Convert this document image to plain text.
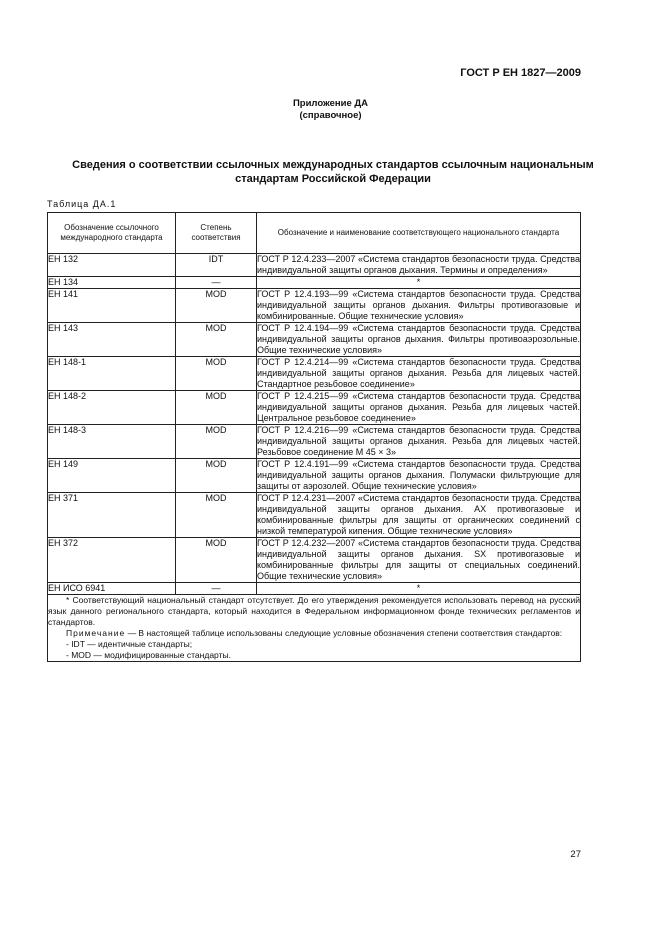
ГОСТ Р ЕН 1827—2009
Приложение ДА
(справочное)
Сведения о соответствии ссылочных международных стандартов ссылочным национальным
стандартам Российской Федерации
Таблица ДА.1
Обозначение ссылочного международного стандарта	Степень соответствия	Обозначение и наименование соответствующего национального стандарта
ЕН 132	IDT	ГОСТ Р 12.4.233—2007 «Система стандартов безопасности труда. Средства индивидуальной защиты органов дыхания. Термины и определения»
ЕН 134	—	*
ЕН 141	MOD	ГОСТ Р 12.4.193—99 «Система стандартов безопасности труда. Средства индивидуальной защиты органов дыхания. Фильтры противогазовые и комбинированные. Общие технические условия»
ЕН 143	MOD	ГОСТ Р 12.4.194—99 «Система стандартов безопасности труда. Средства индивидуальной защиты органов дыхания. Фильтры противоаэрозольные. Общие технические условия»
ЕН 148-1	MOD	ГОСТ Р 12.4.214—99 «Система стандартов безопасности труда. Средства индивидуальной защиты органов дыхания. Резьба для лицевых частей. Стандартное резьбовое соединение»
ЕН 148-2	MOD	ГОСТ Р 12.4.215—99 «Система стандартов безопасности труда. Средства индивидуальной защиты органов дыхания. Резьба для лицевых частей. Центральное резьбовое соединение»
ЕН 148-3	MOD	ГОСТ Р 12.4.216—99 «Система стандартов безопасности труда. Средства индивидуальной защиты органов дыхания. Резьба для лицевых частей. Резьбовое соединение М 45 × 3»
ЕН 149	MOD	ГОСТ Р 12.4.191—99 «Система стандартов безопасности труда. Средства индивидуальной защиты органов дыхания. Полумаски фильтрующие для защиты от аэрозолей. Общие технические условия»
ЕН 371	MOD	ГОСТ Р 12.4.231—2007 «Система стандартов безопасности труда. Средства индивидуальной защиты органов дыхания. АХ противогазовые и комбинированные фильтры для защиты от органических соединений с низкой температурой кипения. Общие технические условия»
ЕН 372	MOD	ГОСТ Р 12.4.232—2007 «Система стандартов безопасности труда. Средства индивидуальной защиты органов дыхания. SX противогазовые и комбинированные фильтры для защиты от специальных соединений. Общие технические условия»
ЕН ИСО 6941	—	*

* Соответствующий национальный стандарт отсутствует. До его утверждения рекомендуется использовать перевод на русский язык данного регионального стандарта, который находится в Федеральном информационном фонде технических регламентов и стандартов.
Примечание — В настоящей таблице использованы следующие условные обозначения степени соответствия стандартов:
- IDT — идентичные стандарты;
- MOD — модифицированные стандарты.		
27
